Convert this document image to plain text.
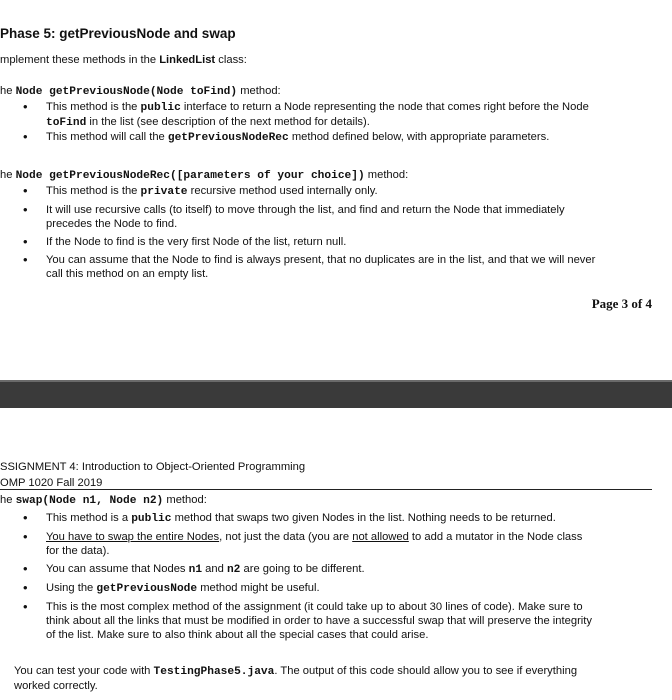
Phase 5: getPreviousNode and swap
mplement these methods in the LinkedList class:
he Node getPreviousNode(Node toFind) method:
• This method is the public interface to return a Node representing the node that comes right before the Node
toFind in the list (see description of the next method for details).
• This method will call the getPreviousNodeRec method defined below, with appropriate parameters.
he Node getPreviousNodeRec([parameters of your choice]) method:
• This method is the private recursive method used internally only.
• It will use recursive calls (to itself) to move through the list, and find and return the Node that immediately
precedes the Node to find.
• If the Node to find is the very first Node of the list, return null.
• You can assume that the Node to find is always present, that no duplicates are in the list, and that we will never
call this method on an empty list.
Page 3 of 4
SSIGNMENT 4: Introduction to Object-Oriented Programming
OMP 1020 Fall 2019
he swap(Node n1, Node n2) method:
• This method is a public method that swaps two given Nodes in the list. Nothing needs to be returned.
• You have to swap the entire Nodes, not just the data (you are not allowed to add a mutator in the Node class
for the data).
• You can assume that Nodes n1 and n2 are going to be different.
• Using the getPreviousNode method might be useful.
• This is the most complex method of the assignment (it could take up to about 30 lines of code). Make sure to
think about all the links that must be modified in order to have a successful swap that will preserve the integrity
of the list. Make sure to also think about all the special cases that could arise.
You can test your code with TestingPhase5.java. The output of this code should allow you to see if everything
worked correctly.
